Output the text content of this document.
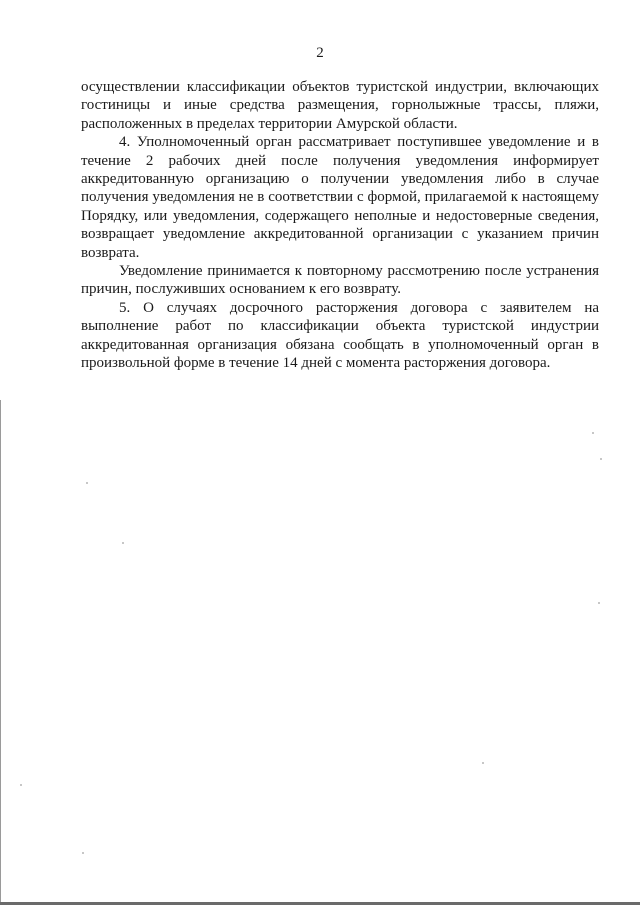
2

осуществлении классификации объектов туристской индустрии, включающих гостиницы и иные средства размещения, горнолыжные трассы, пляжи, расположенных в пределах территории Амурской области.

4. Уполномоченный орган рассматривает поступившее уведомление и в течение 2 рабочих дней после получения уведомления информирует аккредитованную организацию о получении уведомления либо в случае получения уведомления не в соответствии с формой, прилагаемой к настоящему Порядку, или уведомления, содержащего неполные и недостоверные сведения, возвращает уведомление аккредитованной организации с указанием причин возврата.

Уведомление принимается к повторному рассмотрению после устранения причин, послуживших основанием к его возврату.

5. О случаях досрочного расторжения договора с заявителем на выполнение работ по классификации объекта туристской индустрии аккредитованная организация обязана сообщать в уполномоченный орган в произвольной форме в течение 14 дней с момента расторжения договора.
